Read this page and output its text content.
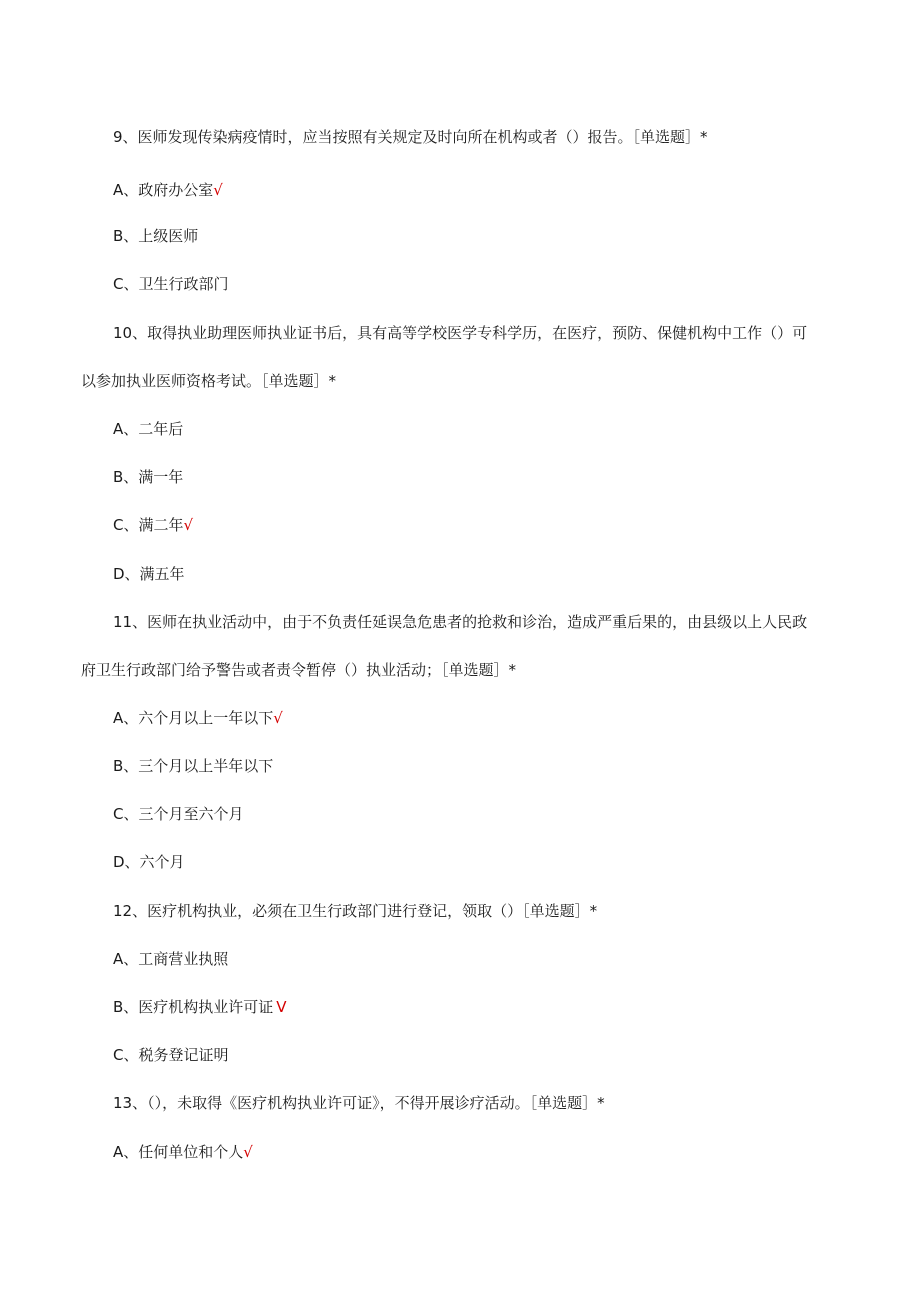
9、医师发现传染病疫情时，应当按照有关规定及时向所在机构或者（）报告。［单选题］*
A、政府办公室√
B、上级医师
C、卫生行政部门
10、取得执业助理医师执业证书后，具有高等学校医学专科学历，在医疗，预防、保健机构中工作（）可
以参加执业医师资格考试。［单选题］*
A、二年后
B、满一年
C、满二年√
D、满五年
11、医师在执业活动中，由于不负责任延误急危患者的抢救和诊治，造成严重后果的，由县级以上人民政
府卫生行政部门给予警告或者责令暂停（）执业活动；［单选题］*
A、六个月以上一年以下√
B、三个月以上半年以下
C、三个月至六个月
D、六个月
12、医疗机构执业，必须在卫生行政部门进行登记，领取（）［单选题］*
A、工商营业执照
B、医疗机构执业许可证 V
C、税务登记证明
13、（），未取得《医疗机构执业许可证》，不得开展诊疗活动。［单选题］*
A、任何单位和个人√
